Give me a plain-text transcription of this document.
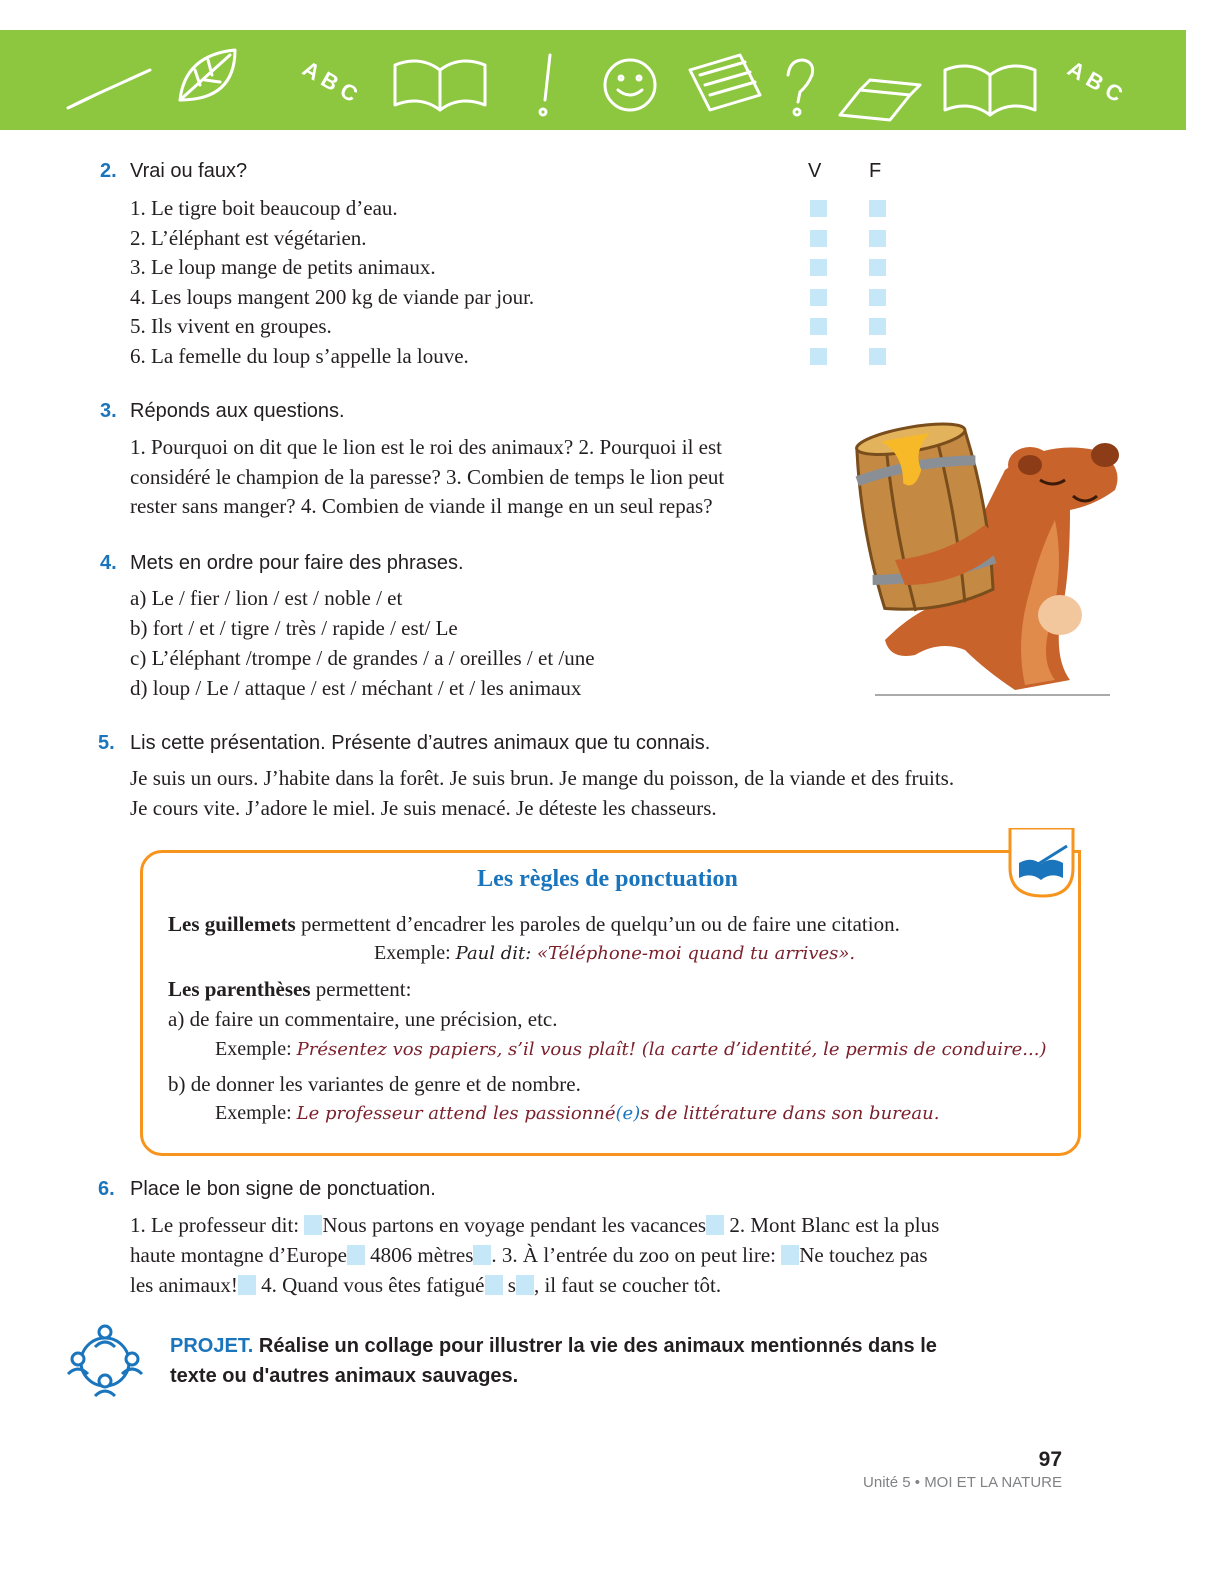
A B C	A B C
2. Vrai ou faux?	V F
1. Le tigre boit beaucoup d’eau.
2. L’éléphant est végétarien.
3. Le loup mange de petits animaux.
4. Les loups mangent 200 kg de viande par jour.
5. Ils vivent en groupes.
6. La femelle du loup s’appelle la louve.
3. Réponds aux questions.
1. Pourquoi on dit que le lion est le roi des animaux? 2. Pourquoi il est
considéré le champion de la paresse? 3. Combien de temps le lion peut
rester sans manger? 4. Combien de viande il mange en un seul repas?
4. Mets en ordre pour faire des phrases.
a) Le / fier / lion / est / noble / et
b) fort / et / tigre / très / rapide / est/ Le
c) L’éléphant /trompe / de grandes / a / oreilles / et /une
d) loup / Le / attaque / est / méchant / et / les animaux
5. Lis cette présentation. Présente d’autres animaux que tu connais.
Je suis un ours. J’habite dans la forêt. Je suis brun. Je mange du poisson, de la viande et des fruits.
Je cours vite. J’adore le miel. Je suis menacé. Je déteste les chasseurs.
Les règles de ponctuation
Les guillemets permettent d’encadrer les paroles de quelqu’un ou de faire une citation.
Exemple: Paul dit: «Téléphone-moi quand tu arrives».
Les parenthèses permettent:
a) de faire un commentaire, une précision, etc.
Exemple: Présentez vos papiers, s’il vous plaît! (la carte d’identité, le permis de conduire...)
b) de donner les variantes de genre et de nombre.
Exemple: Le professeur attend les passionné(e)s de littérature dans son bureau.
6. Place le bon signe de ponctuation.
1. Le professeur dit: Nous partons en voyage pendant les vacances 2. Mont Blanc est la plus
haute montagne d’Europe 4806 mètres . 3. À l’entrée du zoo on peut lire: Ne touchez pas
les animaux! 4. Quand vous êtes fatigué s , il faut se coucher tôt.
PROJET. Réalise un collage pour illustrer la vie des animaux mentionnés dans le
texte ou d'autres animaux sauvages.
97
Unité 5 • MOI ET LA NATURE
